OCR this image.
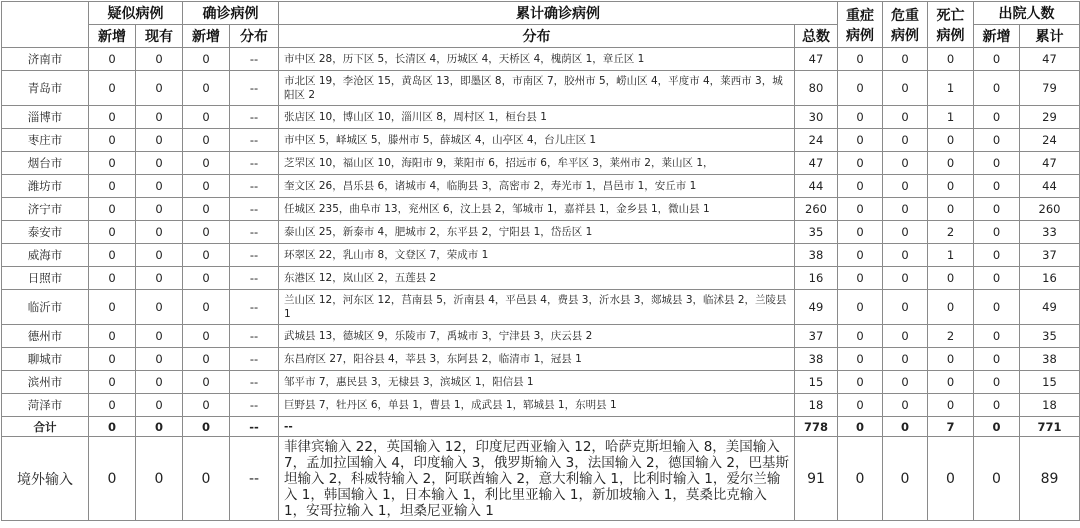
	疑似病例		确诊病例		累计确诊病例		重症病例	危重病例	死亡病例	出院人数	
	新增	现有	新增	分布	分布	总数				新增	累计
济南市	0	0	0	--	市中区 28，历下区 5，长清区 4，历城区 4，天桥区 4，槐荫区 1，章丘区 1	47	0	0	0	0	47
青岛市	0	0	0	--	市北区 19，李沧区 15，黄岛区 13，即墨区 8，市南区 7，胶州市 5，崂山区 4，平度市 4，莱西市 3，城阳区 2	80	0	0	1	0	79
淄博市	0	0	0	--	张店区 10，博山区 10，淄川区 8，周村区 1，桓台县 1	30	0	0	1	0	29
枣庄市	0	0	0	--	市中区 5，峄城区 5，滕州市 5，薛城区 4，山亭区 4，台儿庄区 1	24	0	0	0	0	24
烟台市	0	0	0	--	芝罘区 10，福山区 10，海阳市 9，莱阳市 6，招远市 6，牟平区 3，莱州市 2，莱山区 1，	47	0	0	0	0	47
潍坊市	0	0	0	--	奎文区 26，昌乐县 6，诸城市 4，临朐县 3，高密市 2，寿光市 1，昌邑市 1，安丘市 1	44	0	0	0	0	44
济宁市	0	0	0	--	任城区 235，曲阜市 13，兖州区 6，汶上县 2，邹城市 1，嘉祥县 1，金乡县 1，微山县 1	260	0	0	0	0	260
泰安市	0	0	0	--	泰山区 25，新泰市 4，肥城市 2，东平县 2，宁阳县 1，岱岳区 1	35	0	0	2	0	33
威海市	0	0	0	--	环翠区 22，乳山市 8，文登区 7，荣成市 1	38	0	0	1	0	37
日照市	0	0	0	--	东港区 12，岚山区 2，五莲县 2	16	0	0	0	0	16
临沂市	0	0	0	--	兰山区 12，河东区 12，莒南县 5，沂南县 4，平邑县 4，费县 3，沂水县 3，郯城县 3，临沭县 2，兰陵县 1	49	0	0	0	0	49
德州市	0	0	0	--	武城县 13，德城区 9，乐陵市 7，禹城市 3，宁津县 3，庆云县 2	37	0	0	2	0	35
聊城市	0	0	0	--	东昌府区 27，阳谷县 4，莘县 3，东阿县 2，临清市 1，冠县 1	38	0	0	0	0	38
滨州市	0	0	0	--	邹平市 7，惠民县 3，无棣县 3，滨城区 1，阳信县 1	15	0	0	0	0	15
菏泽市	0	0	0	--	巨野县 7，牡丹区 6，单县 1，曹县 1，成武县 1，郓城县 1，东明县 1	18	0	0	0	0	18
合计	0	0	0	--	--	778	0	0	7	0	771
境外输入	0	0	0	--	菲律宾输入 22，英国输入 12，印度尼西亚输入 12，哈萨克斯坦输入 8，美国输入 7，孟加拉国输入 4，印度输入 3，俄罗斯输入 3，法国输入 2，德国输入 2，巴基斯坦输入 2，科威特输入 2，阿联酋输入 2，意大利输入 1，比利时输入 1，爱尔兰输入 1，韩国输入 1，日本输入 1，利比里亚输入 1，新加坡输入 1，莫桑比克输入 1，安哥拉输入 1，坦桑尼亚输入 1	91	0	0	0	0	89
